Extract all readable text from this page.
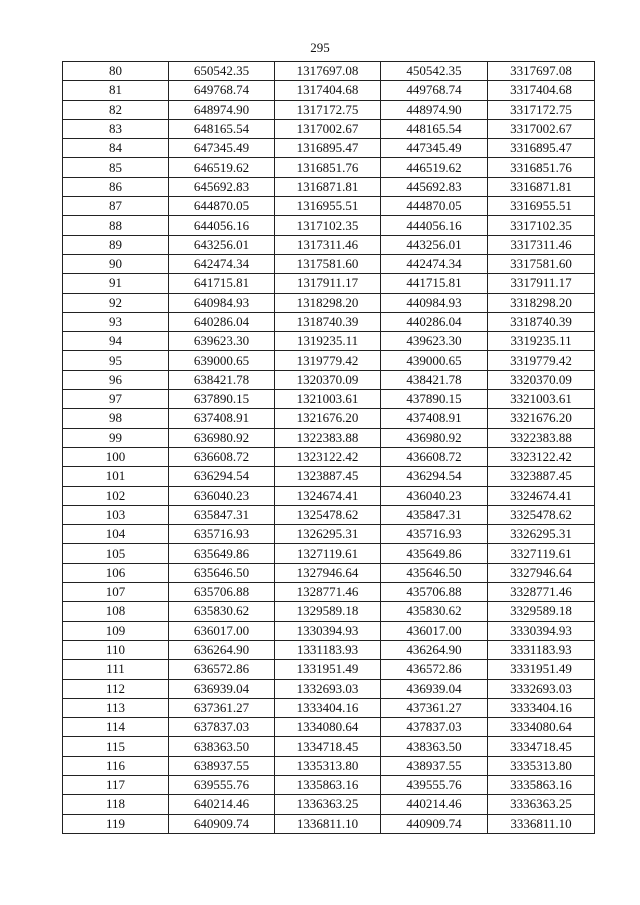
295
80	650542.35	1317697.08	450542.35	3317697.08
81	649768.74	1317404.68	449768.74	3317404.68
82	648974.90	1317172.75	448974.90	3317172.75
83	648165.54	1317002.67	448165.54	3317002.67
84	647345.49	1316895.47	447345.49	3316895.47
85	646519.62	1316851.76	446519.62	3316851.76
86	645692.83	1316871.81	445692.83	3316871.81
87	644870.05	1316955.51	444870.05	3316955.51
88	644056.16	1317102.35	444056.16	3317102.35
89	643256.01	1317311.46	443256.01	3317311.46
90	642474.34	1317581.60	442474.34	3317581.60
91	641715.81	1317911.17	441715.81	3317911.17
92	640984.93	1318298.20	440984.93	3318298.20
93	640286.04	1318740.39	440286.04	3318740.39
94	639623.30	1319235.11	439623.30	3319235.11
95	639000.65	1319779.42	439000.65	3319779.42
96	638421.78	1320370.09	438421.78	3320370.09
97	637890.15	1321003.61	437890.15	3321003.61
98	637408.91	1321676.20	437408.91	3321676.20
99	636980.92	1322383.88	436980.92	3322383.88
100	636608.72	1323122.42	436608.72	3323122.42
101	636294.54	1323887.45	436294.54	3323887.45
102	636040.23	1324674.41	436040.23	3324674.41
103	635847.31	1325478.62	435847.31	3325478.62
104	635716.93	1326295.31	435716.93	3326295.31
105	635649.86	1327119.61	435649.86	3327119.61
106	635646.50	1327946.64	435646.50	3327946.64
107	635706.88	1328771.46	435706.88	3328771.46
108	635830.62	1329589.18	435830.62	3329589.18
109	636017.00	1330394.93	436017.00	3330394.93
110	636264.90	1331183.93	436264.90	3331183.93
111	636572.86	1331951.49	436572.86	3331951.49
112	636939.04	1332693.03	436939.04	3332693.03
113	637361.27	1333404.16	437361.27	3333404.16
114	637837.03	1334080.64	437837.03	3334080.64
115	638363.50	1334718.45	438363.50	3334718.45
116	638937.55	1335313.80	438937.55	3335313.80
117	639555.76	1335863.16	439555.76	3335863.16
118	640214.46	1336363.25	440214.46	3336363.25
119	640909.74	1336811.10	440909.74	3336811.10
